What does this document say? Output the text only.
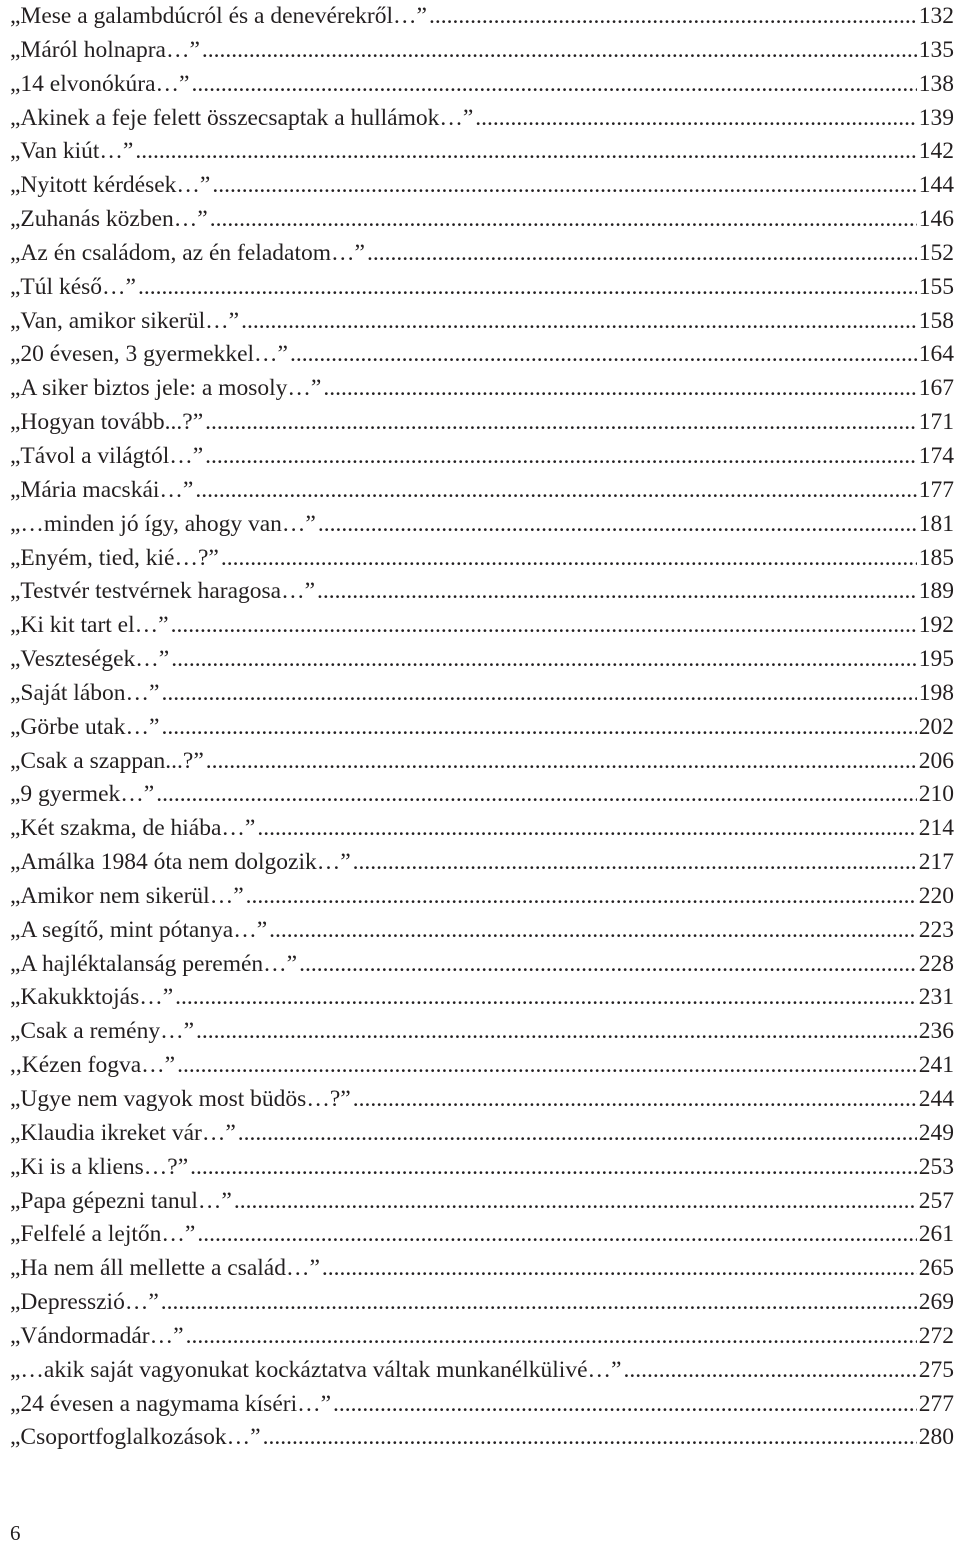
„Mese a galambdúcról és a denevérekről…” .....	132
„Máról holnapra…” .....	135
„14 elvonókúra…” .....	138
„Akinek a feje felett összecsaptak a hullámok…” .....	139
„Van kiút…” .....	142
„Nyitott kérdések…” .....	144
„Zuhanás közben…” .....	146
„Az én családom, az én feladatom…” .....	152
„Túl késő…” .....	155
„Van, amikor sikerül…” .....	158
„20 évesen, 3 gyermekkel…” .....	164
„A siker biztos jele: a mosoly…” .....	167
„Hogyan tovább...?” .....	171
„Távol a világtól…” .....	174
„Mária macskái…” .....	177
„…minden jó így, ahogy van…” .....	181
„Enyém, tied, kié…?” .....	185
„Testvér testvérnek haragosa…” .....	189
„Ki kit tart el…” .....	192
„Veszteségek…” .....	195
„Saját lábon…” .....	198
„Görbe utak…” .....	202
„Csak a szappan...?” .....	206
„9 gyermek…” .....	210
„Két szakma, de hiába…” .....	214
„Amálka 1984 óta nem dolgozik…” .....	217
„Amikor nem sikerül…” .....	220
„A segítő, mint pótanya…” .....	223
„A hajléktalanság peremén…” .....	228
„Kakukktojás…” .....	231
„Csak a remény…” .....	236
,,Kézen fogva…” .....	241
„Ugye nem vagyok most büdös…?” .....	244
„Klaudia ikreket vár…” .....	249
„Ki is a kliens…?” .....	253
„Papa gépezni tanul…” .....	257
„Felfelé a lejtőn…” .....	261
„Ha nem áll mellette a család…” .....	265
„Depresszió…” .....	269
„Vándormadár…” .....	272
„…akik saját vagyonukat kockáztatva váltak munkanélkülivé…” .....	275
„24 évesen a nagymama kíséri…” .....	277
„Csoportfoglalkozások…” .....	280
6
